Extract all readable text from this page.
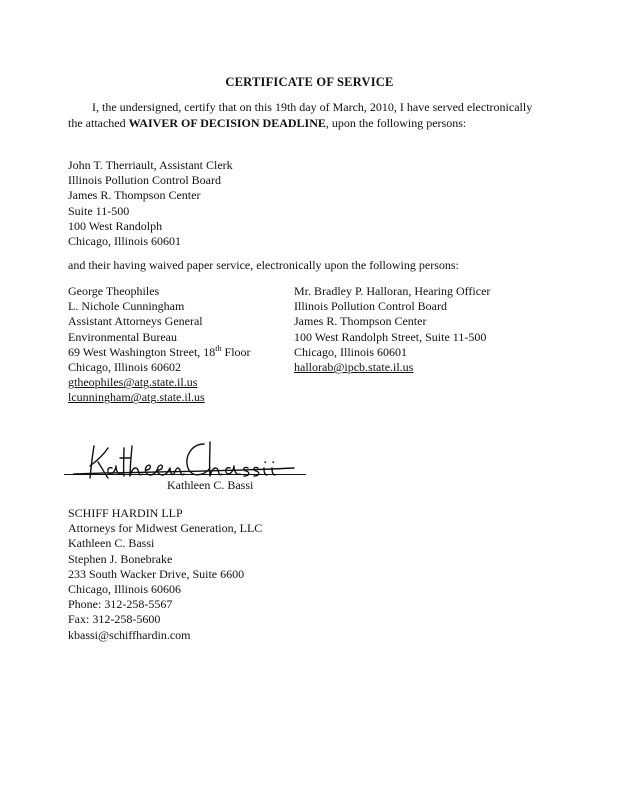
CERTIFICATE OF SERVICE
I, the undersigned, certify that on this 19th day of March, 2010, I have served electronically the attached WAIVER OF DECISION DEADLINE, upon the following persons:
John T. Therriault, Assistant Clerk
Illinois Pollution Control Board
James R. Thompson Center
Suite 11-500
100 West Randolph
Chicago, Illinois 60601
and their having waived paper service, electronically upon the following persons:
George Theophiles
L. Nichole Cunningham
Assistant Attorneys General
Environmental Bureau
69 West Washington Street, 18th Floor
Chicago, Illinois 60602
gtheophiles@atg.state.il.us
lcunningham@atg.state.il.us
Mr. Bradley P. Halloran, Hearing Officer
Illinois Pollution Control Board
James R. Thompson Center
100 West Randolph Street, Suite 11-500
Chicago, Illinois 60601
hallorab@ipcb.state.il.us
Kathleen C. Bassi
SCHIFF HARDIN LLP
Attorneys for Midwest Generation, LLC
Kathleen C. Bassi
Stephen J. Bonebrake
233 South Wacker Drive, Suite 6600
Chicago, Illinois 60606
Phone: 312-258-5567
Fax: 312-258-5600
kbassi@schiffhardin.com
